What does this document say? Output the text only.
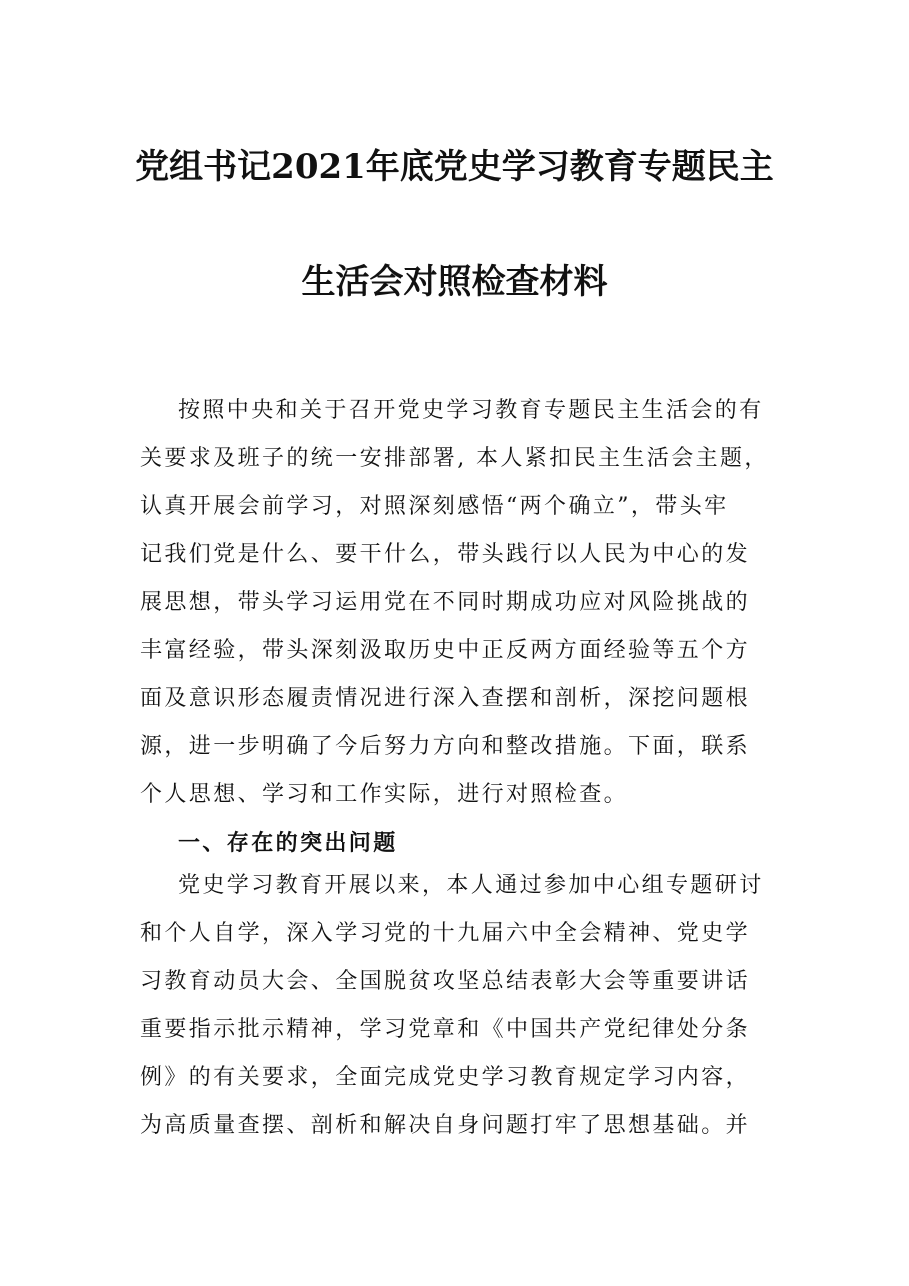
党组书记2021年底党史学习教育专题民主
生活会对照检查材料
按照中央和关于召开党史学习教育专题民主生活会的有
关要求及班子的统一安排部署, 本人紧扣民主生活会主题，
认真开展会前学习，对照深刻感悟“两个确立”，带头牢
记我们党是什么、要干什么，带头践行以人民为中心的发
展思想，带头学习运用党在不同时期成功应对风险挑战的
丰富经验，带头深刻汲取历史中正反两方面经验等五个方
面及意识形态履责情况进行深入查摆和剖析，深挖问题根
源，进一步明确了今后努力方向和整改措施。下面，联系
个人思想、学习和工作实际，进行对照检查。
一、存在的突出问题
党史学习教育开展以来，本人通过参加中心组专题研讨
和个人自学，深入学习党的十九届六中全会精神、党史学
习教育动员大会、全国脱贫攻坚总结表彰大会等重要讲话
重要指示批示精神，学习党章和《中国共产党纪律处分条
例》的有关要求，全面完成党史学习教育规定学习内容，
为高质量查摆、剖析和解决自身问题打牢了思想基础。并
